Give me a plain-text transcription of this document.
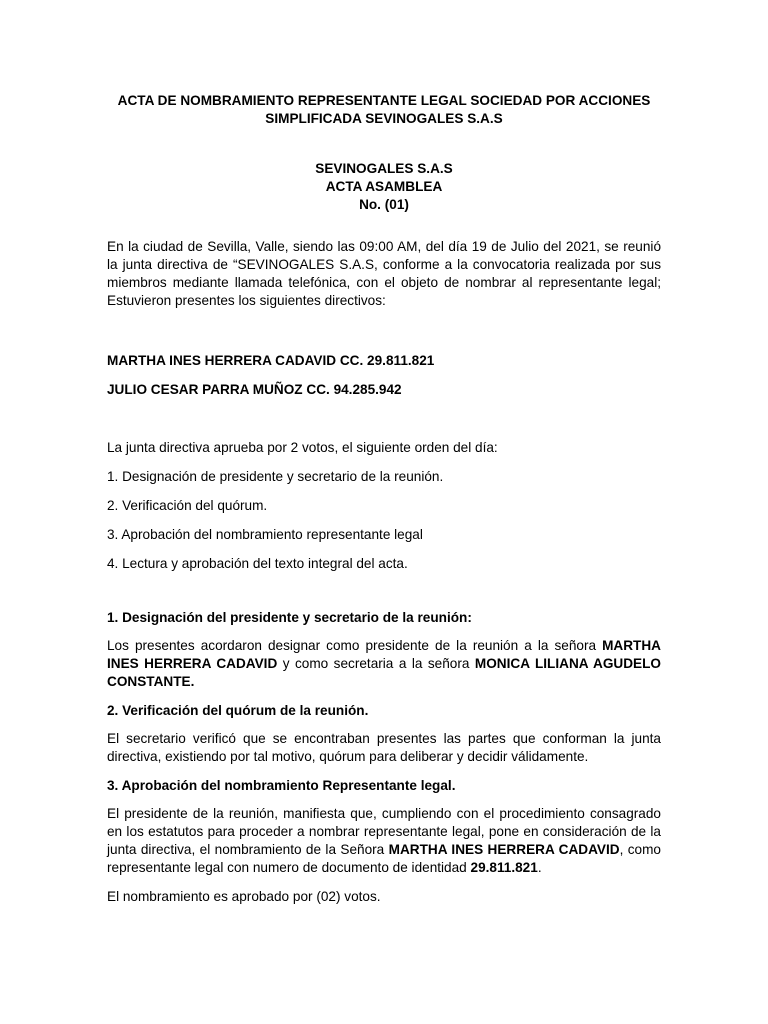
ACTA DE NOMBRAMIENTO REPRESENTANTE LEGAL SOCIEDAD POR ACCIONES
SIMPLIFICADA SEVINOGALES S.A.S
SEVINOGALES S.A.S
ACTA ASAMBLEA
No. (01)

En la ciudad de Sevilla, Valle, siendo las 09:00 AM, del día 19 de Julio del 2021, se reunió la junta directiva de “SEVINOGALES S.A.S, conforme a la convocatoria realizada por sus miembros mediante llamada telefónica, con el objeto de nombrar al representante legal; Estuvieron presentes los siguientes directivos:

MARTHA INES HERRERA CADAVID CC. 29.811.821

JULIO CESAR PARRA MUÑOZ CC. 94.285.942

La junta directiva aprueba por 2 votos, el siguiente orden del día:

1. Designación de presidente y secretario de la reunión.

2. Verificación del quórum.

3. Aprobación del nombramiento representante legal

4. Lectura y aprobación del texto integral del acta.

1. Designación del presidente y secretario de la reunión:

Los presentes acordaron designar como presidente de la reunión a la señora MARTHA INES HERRERA CADAVID y como secretaria a la señora MONICA LILIANA AGUDELO CONSTANTE.

2. Verificación del quórum de la reunión.

El secretario verificó que se encontraban presentes las partes que conforman la junta directiva, existiendo por tal motivo, quórum para deliberar y decidir válidamente.

3. Aprobación del nombramiento Representante legal.

El presidente de la reunión, manifiesta que, cumpliendo con el procedimiento consagrado en los estatutos para proceder a nombrar representante legal, pone en consideración de la junta directiva, el nombramiento de la Señora MARTHA INES HERRERA CADAVID, como representante legal con numero de documento de identidad 29.811.821.

El nombramiento es aprobado por (02) votos.
